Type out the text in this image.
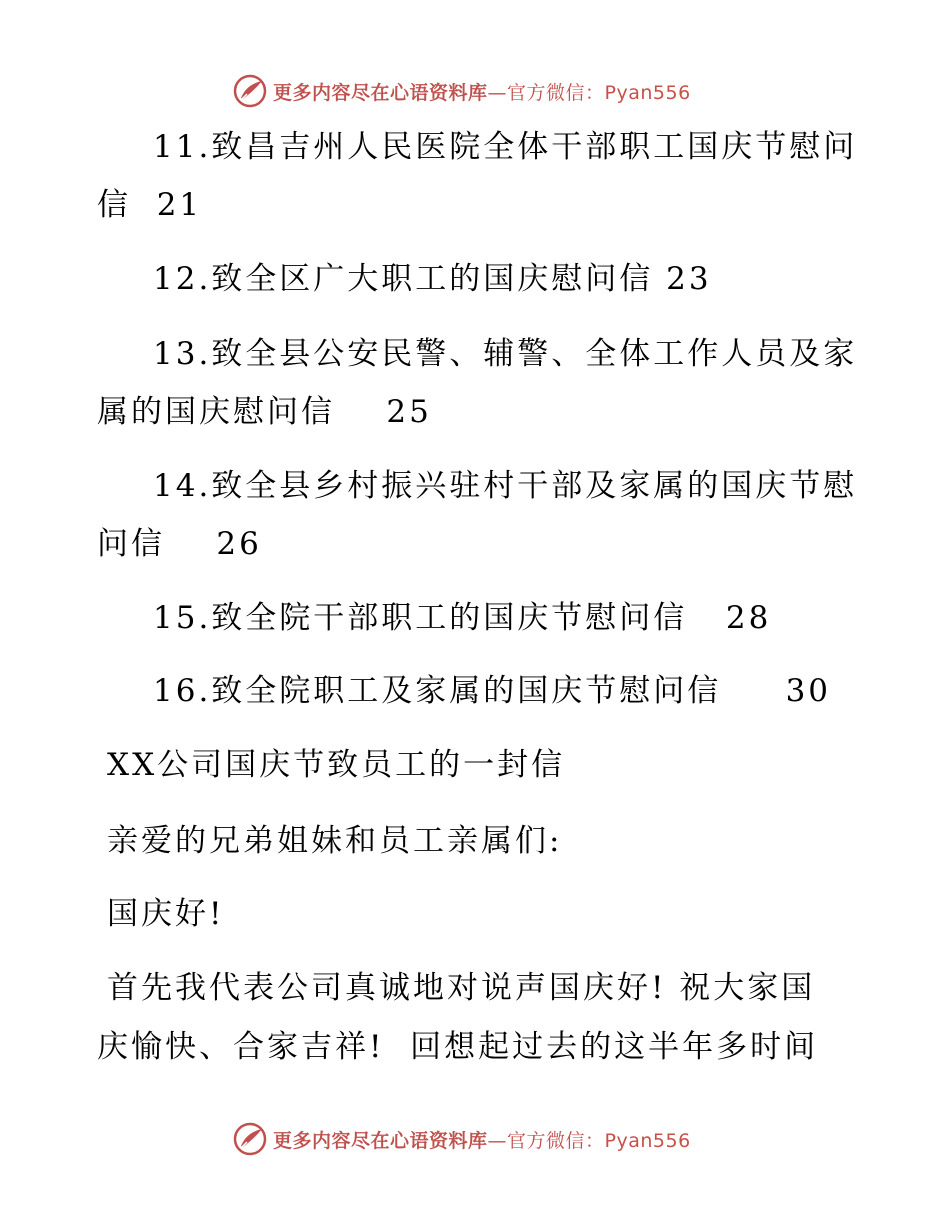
更多内容尽在心语资料库—官方微信：Pyan556
11.致昌吉州人民医院全体干部职工国庆节慰问
信  21
12.致全区广大职工的国庆慰问信 23
13.致全县公安民警、辅警、全体工作人员及家
属的国庆慰问信    25
14.致全县乡村振兴驻村干部及家属的国庆节慰
问信    26
15.致全院干部职工的国庆节慰问信   28
16.致全院职工及家属的国庆节慰问信     30
XX公司国庆节致员工的一封信
亲爱的兄弟姐妹和员工亲属们:
国庆好!
首先我代表公司真诚地对说声国庆好! 祝大家国
庆愉快、合家吉祥!  回想起过去的这半年多时间
更多内容尽在心语资料库—官方微信：Pyan556
